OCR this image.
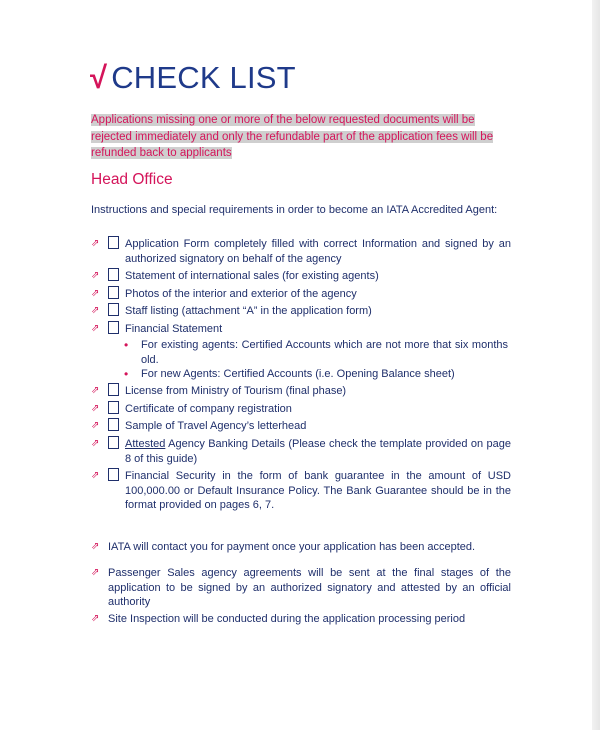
√ CHECK LIST
Applications missing one or more of the below requested documents will be rejected immediately and only the refundable part of the application fees will be refunded back to applicants
Head Office
Instructions and special requirements in order to become an IATA Accredited Agent:
⇗ Application Form completely filled with correct Information and signed by an authorized signatory on behalf of the agency
⇗ Statement of international sales (for existing agents)
⇗ Photos of the interior and exterior of the agency
⇗ Staff listing (attachment “A” in the application form)
⇗ Financial Statement
• For existing agents: Certified Accounts which are not more that six months old.
• For new Agents: Certified Accounts (i.e. Opening Balance sheet)
⇗ License from Ministry of Tourism (final phase)
⇗ Certificate of company registration
⇗ Sample of Travel Agency’s letterhead
⇗ Attested Agency Banking Details (Please check the template provided on page 8 of this guide)
⇗ Financial Security in the form of bank guarantee in the amount of USD 100,000.00 or Default Insurance Policy. The Bank Guarantee should be in the format provided on pages 6, 7.
⇗ IATA will contact you for payment once your application has been accepted.
⇗ Passenger Sales agency agreements will be sent at the final stages of the application to be signed by an authorized signatory and attested by an official authority
⇗ Site Inspection will be conducted during the application processing period
